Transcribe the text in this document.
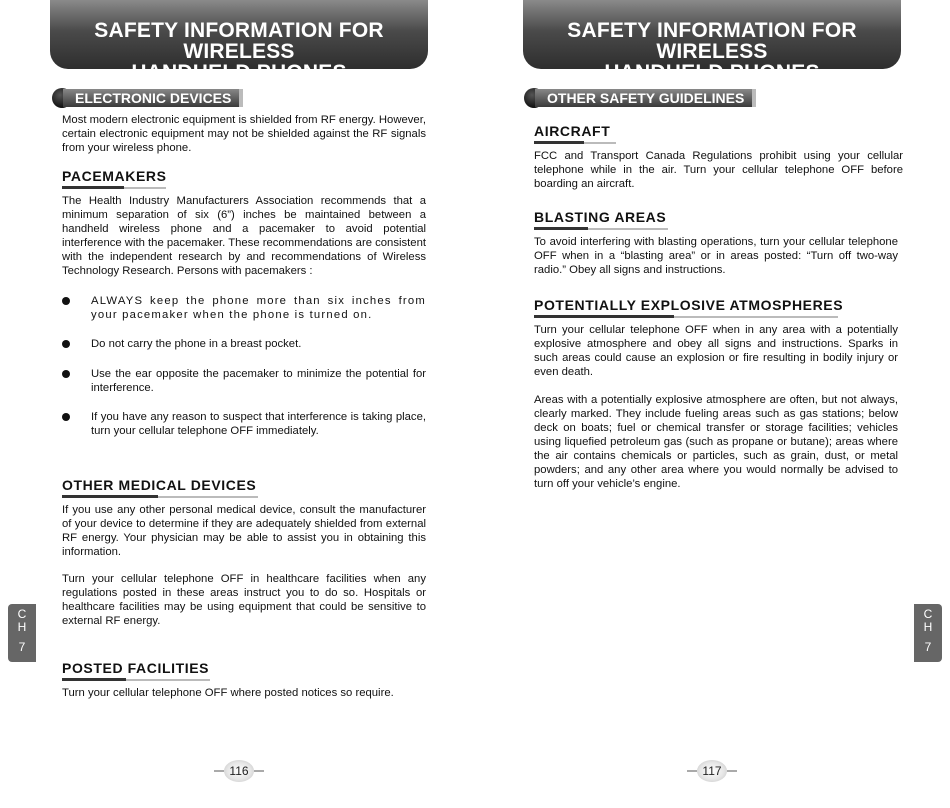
SAFETY INFORMATION FOR WIRELESS
HANDHELD PHONES
ELECTRONIC DEVICES
Most modern electronic equipment is shielded from RF energy. However, certain electronic equipment may not be shielded against the RF signals from your wireless phone.
PACEMAKERS
The Health Industry Manufacturers Association recommends that a minimum separation of six (6”) inches be maintained between a handheld wireless phone and a pacemaker to avoid potential interference with the pacemaker. These recommendations are consistent with the independent research by and recommendations of Wireless Technology Research. Persons with pacemakers :
ALWAYS keep the phone more than six inches from your pacemaker when the phone is turned on.
Do not carry the phone in a breast pocket.
Use the ear opposite the pacemaker to minimize the potential for interference.
If you have any reason to suspect that interference is taking place, turn your cellular telephone OFF immediately.
OTHER MEDICAL DEVICES
If you use any other personal medical device, consult the manufacturer of your device to determine if they are adequately shielded from external RF energy. Your physician may be able to assist you in obtaining this information.
Turn your cellular telephone OFF in healthcare facilities when any regulations posted in these areas instruct you to do so. Hospitals or healthcare facilities may be using equipment that could be sensitive to external RF energy.
POSTED FACILITIES
Turn your cellular telephone OFF where posted notices so require.
C
H
7
116
SAFETY INFORMATION FOR WIRELESS
HANDHELD PHONES
OTHER SAFETY GUIDELINES
AIRCRAFT
FCC and Transport Canada Regulations prohibit using your cellular telephone while in the air. Turn your cellular telephone OFF before boarding an aircraft.
BLASTING AREAS
To avoid interfering with blasting operations, turn your cellular telephone OFF when in a “blasting area” or in areas posted: “Turn off two-way radio.” Obey all signs and instructions.
POTENTIALLY EXPLOSIVE ATMOSPHERES
Turn your cellular telephone OFF when in any area with a potentially explosive atmosphere and obey all signs and instructions. Sparks in such areas could cause an explosion or fire resulting in bodily injury or even death.
Areas with a potentially explosive atmosphere are often, but not always, clearly marked. They include fueling areas such as gas stations; below deck on boats; fuel or chemical transfer or storage facilities; vehicles using liquefied petroleum gas (such as propane or butane); areas where the air contains chemicals or particles, such as grain, dust, or metal powders; and any other area where you would normally be advised to turn off your vehicle’s engine.
C
H
7
117
